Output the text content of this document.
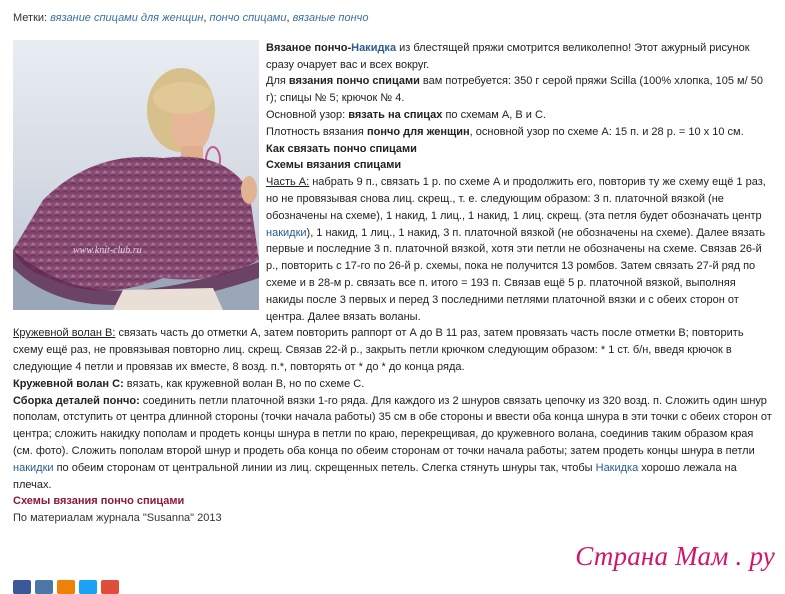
Метки: вязание спицами для женщин, пончо спицами, вязаные пончо
www.knit-club.ru

Вязаное пончо-Накидка из блестящей пряжи смотрится великолепно! Этот ажурный рисунок сразу очарует вас и всех вокруг.

Для вязания пончо спицами вам потребуется: 350 г серой пряжи Scilla (100% хлопка, 105 м/ 50 г); спицы № 5; крючок № 4.

Основной узор: вязать на спицах по схемам А, В и С.

Плотность вязания пончо для женщин, основной узор по схеме А: 15 п. и 28 р. = 10 х 10 см.

Как связать пончо спицами

Схемы вязания спицами

Часть А: набрать 9 п., связать 1 р. по схеме А и продолжить его, повторив ту же схему ещё 1 раз, но не провязывая снова лиц. скрещ., т. е. следующим образом: 3 п. платочной вязкой (не обозначены на схеме), 1 накид, 1 лиц., 1 накид, 1 лиц. скрещ. (эта петля будет обозначать центр накидки), 1 накид, 1 лиц., 1 накид, 3 п. платочной вязкой (не обозначены на схеме). Далее вязать первые и последние 3 п. платочной вязкой, хотя эти петли не обозначены на схеме. Связав 26-й р., повторить с 17-го по 26-й р. схемы, пока не получится 13 ромбов. Затем связать 27-й ряд по схеме и в 28-м р. связать все п. итого = 193 п. Связав ещё 5 р. платочной вязкой, выполняя накиды после 3 первых и перед 3 последними петлями платочной вязки и с обеих сторон от центра. Далее вязать воланы.

Кружевной волан В: связать часть до отметки А, затем повторить раппорт от А до В 11 раз, затем провязать часть после отметки В; повторить схему ещё раз, не провязывая повторно лиц. скрещ. Связав 22-й р., закрыть петли крючком следующим образом: * 1 ст. б/н, введя крючок в следующие 4 петли и провязав их вместе, 8 возд. п.*, повторять от * до * до конца ряда.

Кружевной волан С: вязать, как кружевной волан В, но по схеме С.

Сборка деталей пончо: соединить петли платочной вязки 1-го ряда. Для каждого из 2 шнуров связать цепочку из 320 возд. п. Сложить один шнур пополам, отступить от центра длинной стороны (точки начала работы) 35 см в обе стороны и ввести оба конца шнура в эти точки с обеих сторон от центра; сложить накидку пополам и продеть концы шнура в петли по краю, перекрещивая, до кружевного волана, соединив таким образом края (см. фото). Сложить пополам второй шнур и продеть оба конца по обеим сторонам от точки начала работы; затем продеть концы шнура в петли накидки по обеим сторонам от центральной линии из лиц. скрещенных петель. Слегка стянуть шнуры так, чтобы Накидка хорошо лежала на плечах.

Схемы вязания пончо спицами

По материалам журнала "Susanna" 2013

Страна Мам . ру
